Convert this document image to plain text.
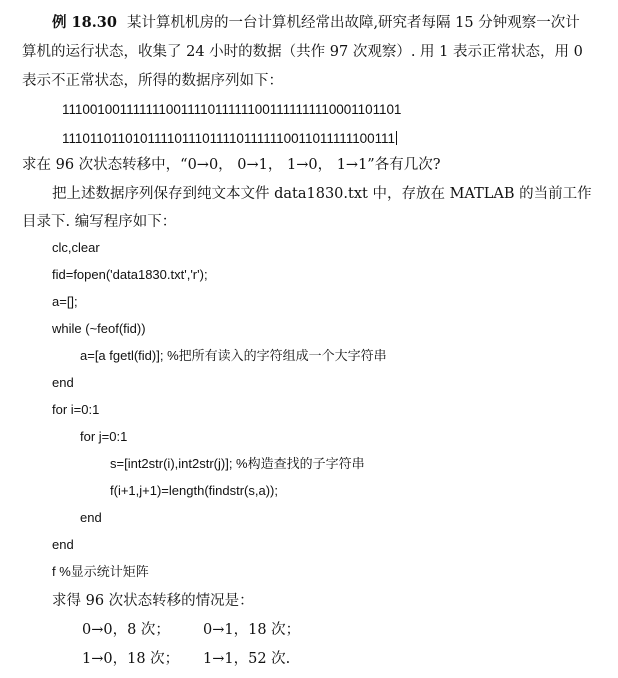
例 18.30 某计算机机房的一台计算机经常出故障,研究者每隔 15 分钟观察一次计
算机的运行状态，收集了 24 小时的数据（共作 97 次观察）. 用 1 表示正常状态，用 0
表示不正常状态，所得的数据序列如下：
1110010011111110011110111111001111111110001101101
111011011010111101110111101111110011011111100111
求在 96 次状态转移中，“0→0， 0→1， 1→0， 1→1”各有几次?
把上述数据序列保存到纯文本文件 data1830.txt 中，存放在 MATLAB 的当前工作
目录下. 编写程序如下：
clc,clear
fid=fopen('data1830.txt','r');
a=[];
while (~feof(fid))
a=[a fgetl(fid)]; %把所有读入的字符组成一个大字符串
end
for i=0:1
for j=0:1
s=[int2str(i),int2str(j)]; %构造查找的子字符串
f(i+1,j+1)=length(findstr(s,a));
end
end
f %显示统计矩阵
求得 96 次状态转移的情况是：
0→0，8 次； 0→1，18 次；
1→0，18 次； 1→1，52 次.
